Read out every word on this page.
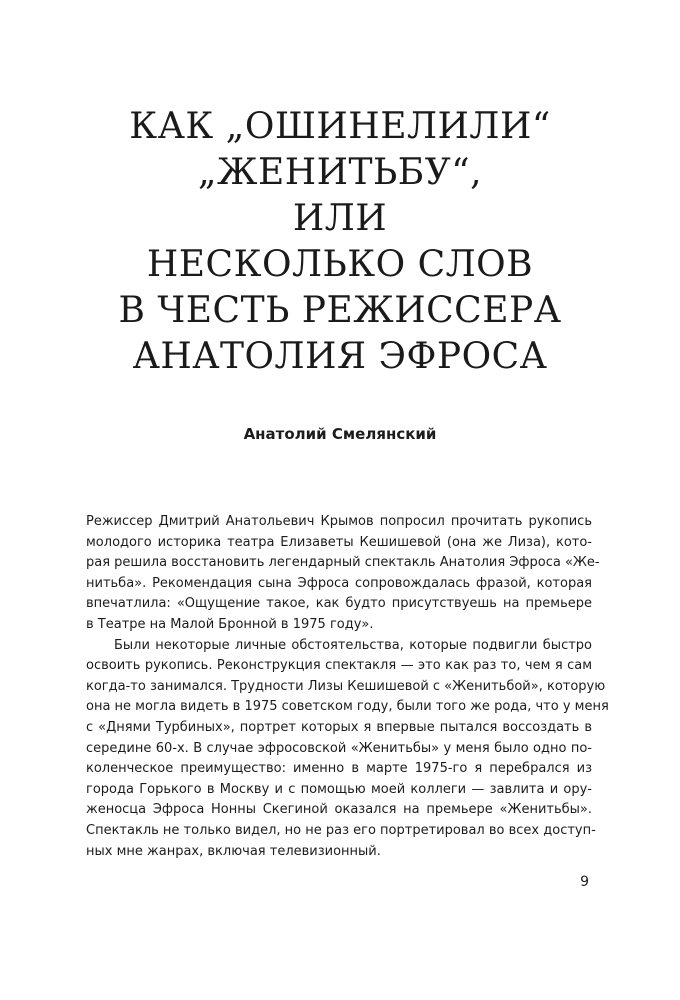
КАК „ОШИНЕЛИЛИ“
„ЖЕНИТЬБУ“,
ИЛИ
НЕСКОЛЬКО СЛОВ
В ЧЕСТЬ РЕЖИССЕРА
АНАТОЛИЯ ЭФРОСА
Анатолий Смелянский
Режиссер Дмитрий Анатольевич Крымов попросил прочитать рукопись
молодого историка театра Елизаветы Кешишевой (она же Лиза), кото-
рая решила восстановить легендарный спектакль Анатолия Эфроса «Же-
нитьба». Рекомендация сына Эфроса сопровождалась фразой, которая
впечатлила: «Ощущение такое, как будто присутствуешь на премьере
в Театре на Малой Бронной в 1975 году».
Были некоторые личные обстоятельства, которые подвигли быстро
освоить рукопись. Реконструкция спектакля — это как раз то, чем я сам
когда-то занимался. Трудности Лизы Кешишевой с «Женитьбой», которую
она не могла видеть в 1975 советском году, были того же рода, что у меня
с «Днями Турбиных», портрет которых я впервые пытался воссоздать в
середине 60-х. В случае эфросовской «Женитьбы» у меня было одно по-
коленческое преимущество: именно в марте 1975-го я перебрался из
города Горького в Москву и с помощью моей коллеги — завлита и ору-
женосца Эфроса Нонны Скегиной оказался на премьере «Женитьбы».
Спектакль не только видел, но не раз его портретировал во всех доступ-
ных мне жанрах, включая телевизионный.
9
